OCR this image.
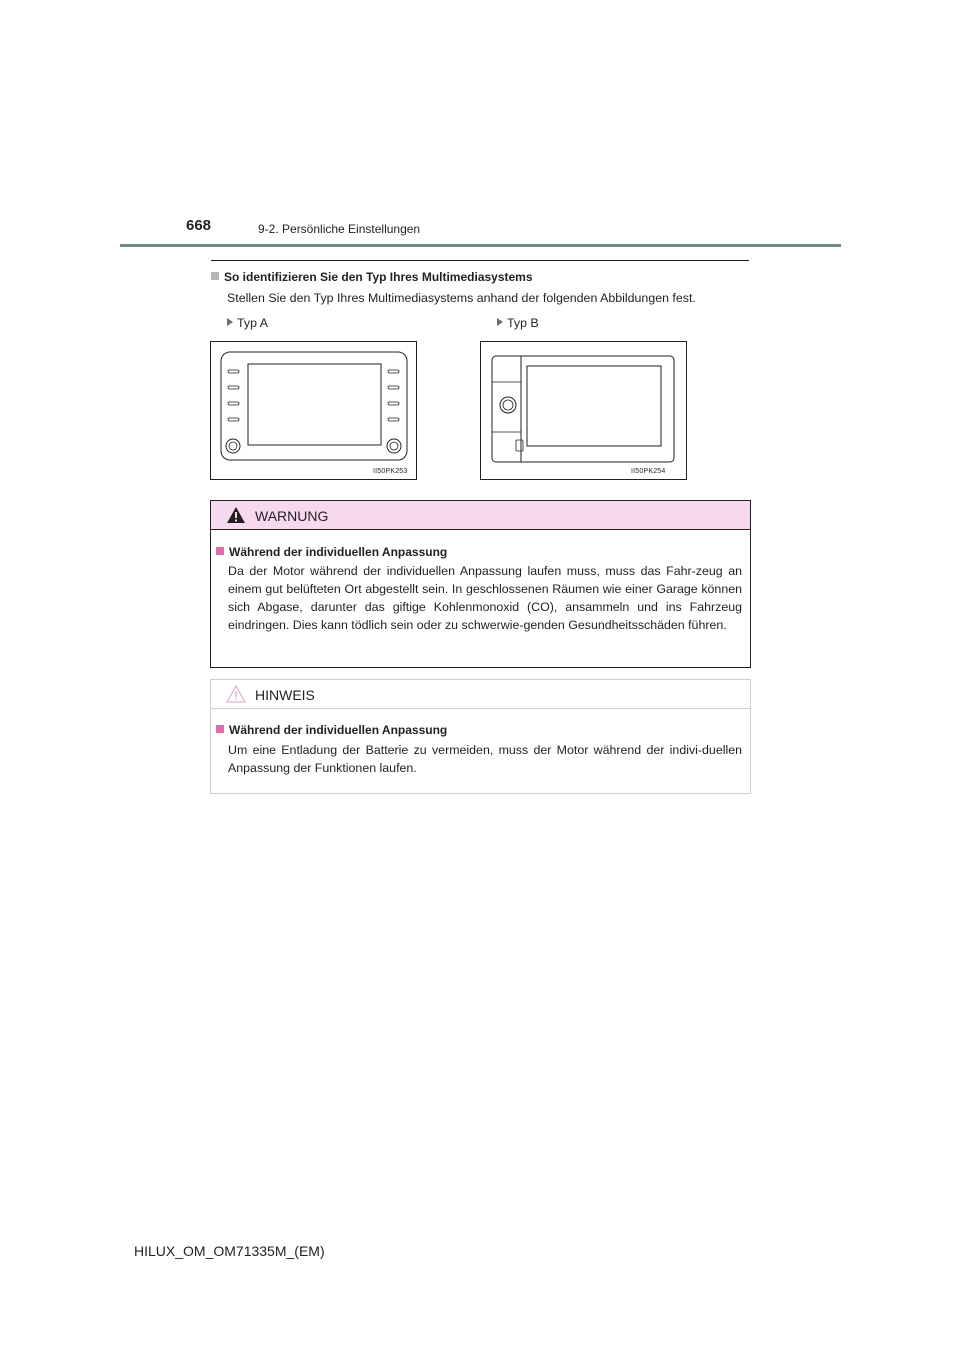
668	9-2. Persönliche Einstellungen
So identifizieren Sie den Typ Ihres Multimediasystems
Stellen Sie den Typ Ihres Multimediasystems anhand der folgenden Abbildungen fest.
Typ A	Typ B
II50PK253	II50PK254
WARNUNG
Während der individuellen Anpassung
Da der Motor während der individuellen Anpassung laufen muss, muss das Fahr-zeug an einem gut belüfteten Ort abgestellt sein. In geschlossenen Räumen wie einer Garage können sich Abgase, darunter das giftige Kohlenmonoxid (CO), ansammeln und ins Fahrzeug eindringen. Dies kann tödlich sein oder zu schwerwie-genden Gesundheitsschäden führen.
HINWEIS
Während der individuellen Anpassung
Um eine Entladung der Batterie zu vermeiden, muss der Motor während der indivi-duellen Anpassung der Funktionen laufen.
HILUX_OM_OM71335M_(EM)
